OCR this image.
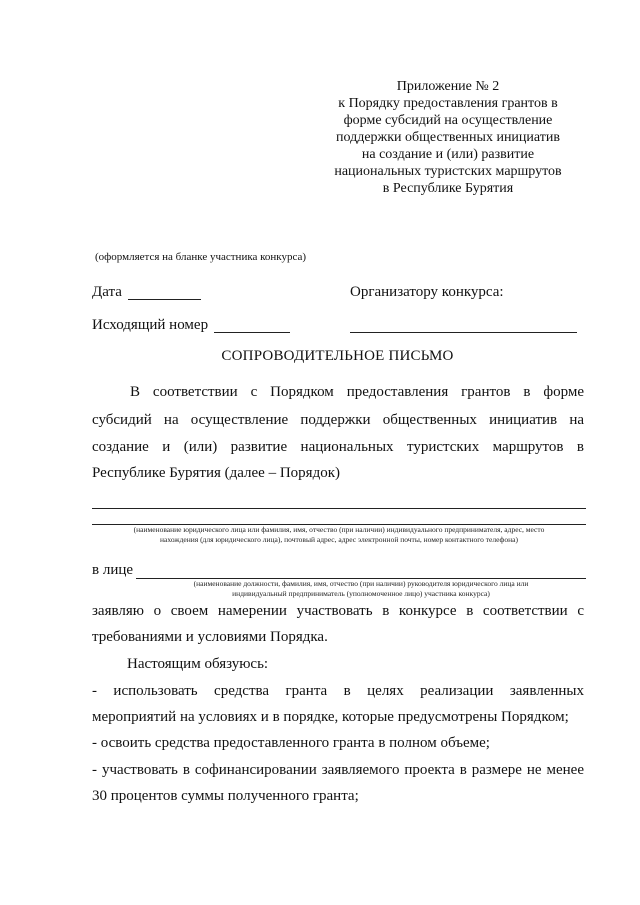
Приложение № 2
к Порядку предоставления грантов в
форме субсидий на осуществление
поддержки общественных инициатив
на создание и (или) развитие
национальных туристских маршрутов
в Республике Бурятия
(оформляется на бланке участника конкурса)
Дата	Организатору конкурса:
Исходящий номер
СОПРОВОДИТЕЛЬНОЕ ПИСЬМО
В соответствии с Порядком предоставления грантов в форме
субсидий на осуществление поддержки общественных инициатив на
создание и (или) развитие национальных туристских маршрутов в
Республике Бурятия (далее – Порядок)
(наименование юридического лица или фамилия, имя, отчество (при наличии) индивидуального предпринимателя, адрес, место
нахождения (для юридического лица), почтовый адрес, адрес электронной почты, номер контактного телефона)
в лице
(наименование должности, фамилия, имя, отчество (при наличии) руководителя юридического лица или
индивидуальный предприниматель (уполномоченное лицо) участника конкурса)
заявляю о своем намерении участвовать в конкурсе в соответствии с
требованиями и условиями Порядка.
Настоящим обязуюсь:
- использовать средства гранта в целях реализации заявленных
мероприятий на условиях и в порядке, которые предусмотрены Порядком;
- освоить средства предоставленного гранта в полном объеме;
- участвовать в софинансировании заявляемого проекта в размере не менее
30 процентов суммы полученного гранта;
